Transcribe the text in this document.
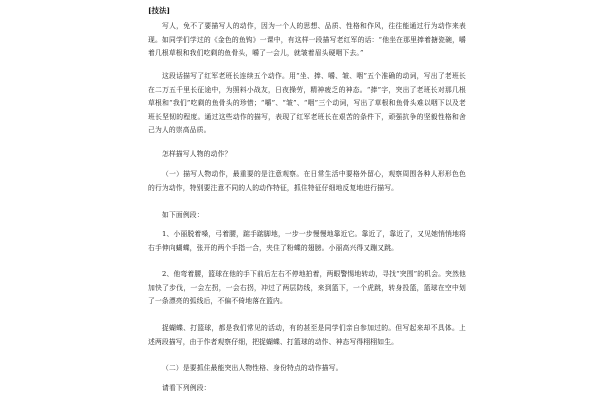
[技法]
写人，免不了要描写人的动作，因为一个人的思想、品质、性格和作风，往往能通过行为动作来表现。如同学们学过的《金色的鱼钩》一课中，有这样一段描写老红军的话：“他坐在那里捧着搪瓷碗，嚼着几根草根和我们吃剩的鱼骨头，嚼了一会儿，就皱着眉头硬咽下去。”
这段话描写了红军老班长连续五个动作。用“坐、捧、嚼、皱、咽”五个准确的动词，写出了老班长在二万五千里长征途中，为照料小战友，日夜操劳，精神疲乏的神态。“捧”字，突出了老班长对那几根草根和“我们”吃剩的鱼骨头的珍惜；“嚼”、“皱”、“咽”三个动词，写出了草根和鱼骨头难以咽下以及老班长坚韧的程度。通过这些动作的描写，表现了红军老班长在艰苦的条件下，顽强抗争的坚毅性格和舍己为人的崇高品质。
怎样描写人物的动作？
（一）描写人物动作，最重要的是注意观察。在日常生活中要格外留心，观察周围各种人形形色色的行为动作，特别要注意不同的人的动作特征，抓住特征仔细地反复地进行描写。
如下面例段：
1、小丽脱着嗓，弓着腰，踮手踮脚地，一步一步慢慢地靠近它。靠近了，靠近了，又见她悄悄地将右手伸向蝴蝶，张开的两个手指一合，夹住了粉蝶的翅膀。小丽高兴得又蹦又跳。
2、他弯着腰，篮球在他的手下前后左右不停地拍着，两眼警惕地转动，寻找“突围”的机会。突然他加快了步伐，一会左拐，一会右拐，冲过了两层防线，来到篮下，一个虎跳，转身投篮，篮球在空中划了一条漂亮的弧线后，不偏不倚地落在篮内。
捉蝴蝶、打篮球，都是我们常见的活动，有的甚至是同学们亲自参加过的。但写起来却不具体。上述两段描写，由于作者观察仔细，把捉蝴蝶、打篮球的动作、神态写得栩栩如生。
（二）是要抓住最能突出人物性格、身份特点的动作描写。
请看下列例段：
